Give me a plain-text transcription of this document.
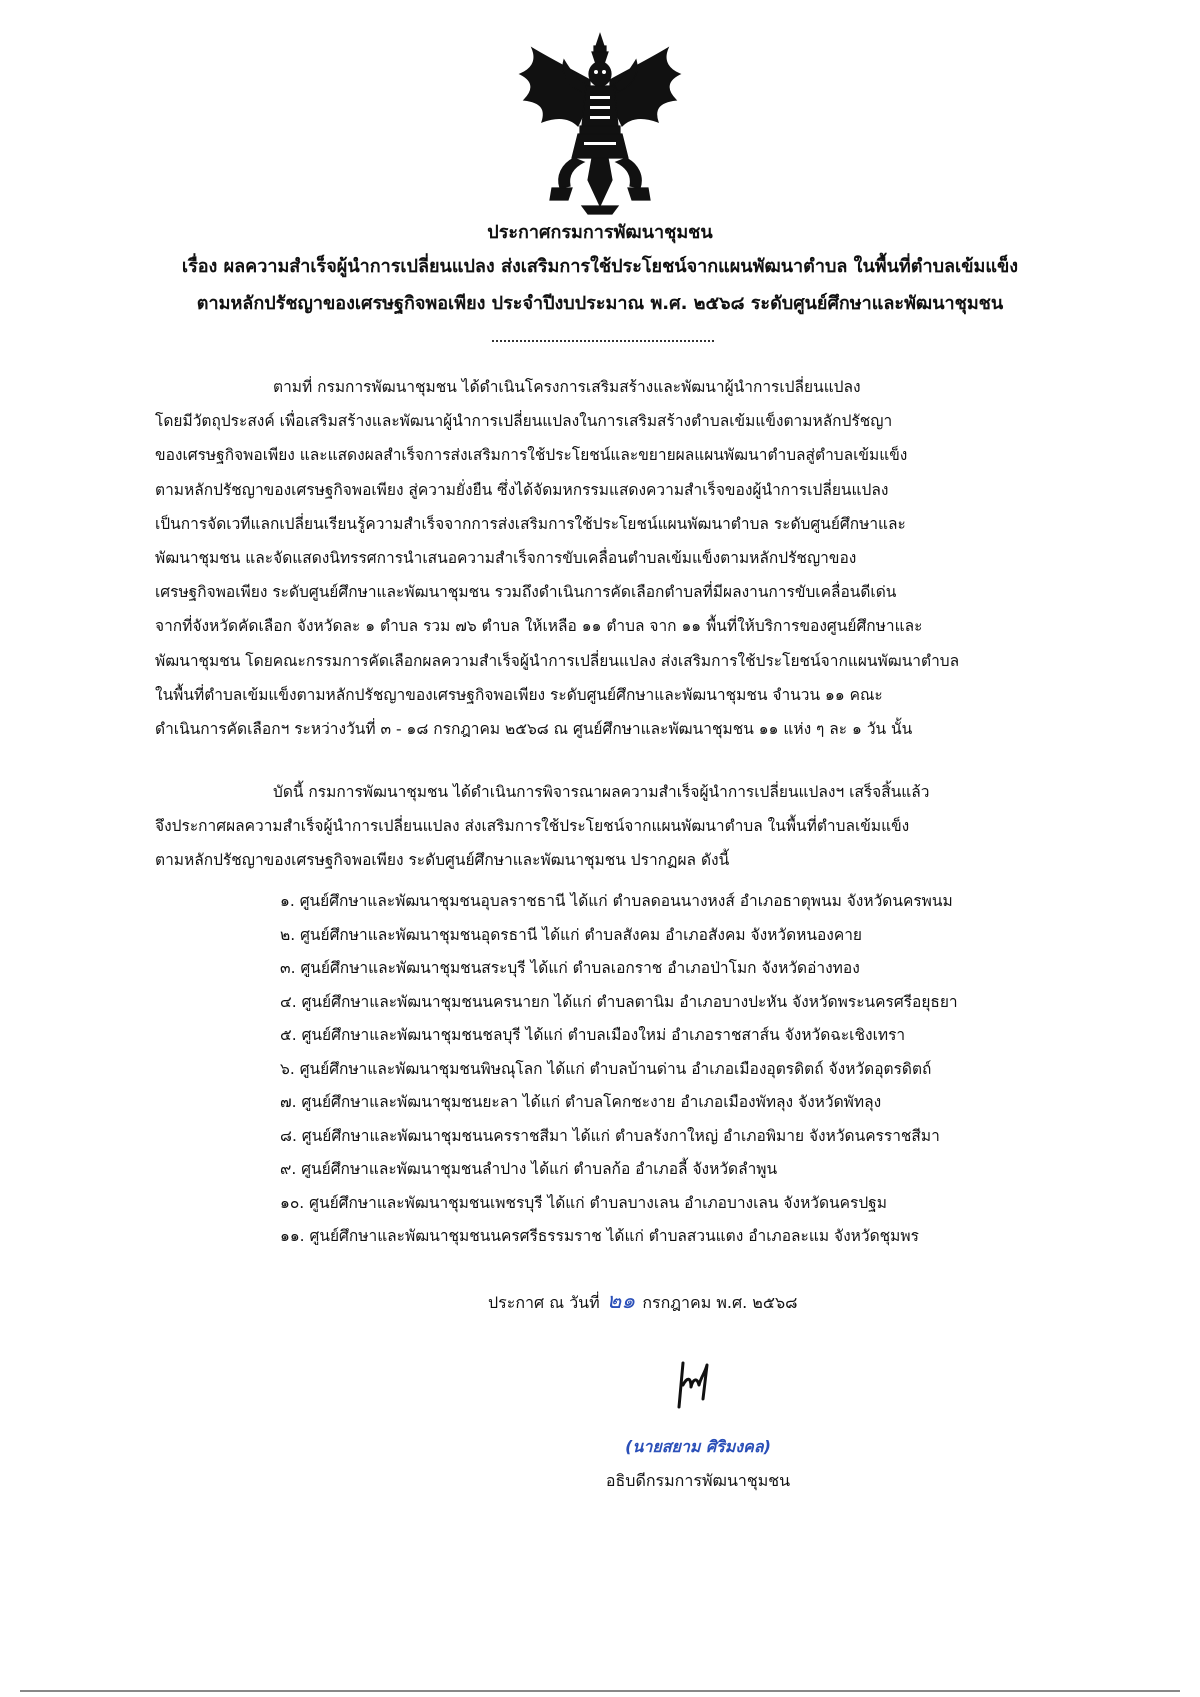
ประกาศกรมการพัฒนาชุมชน
เรื่อง ผลความสำเร็จผู้นำการเปลี่ยนแปลง ส่งเสริมการใช้ประโยชน์จากแผนพัฒนาตำบล ในพื้นที่ตำบลเข้มแข็ง
ตามหลักปรัชญาของเศรษฐกิจพอเพียง ประจำปีงบประมาณ พ.ศ. ๒๕๖๘ ระดับศูนย์ศึกษาและพัฒนาชุมชน
ตามที่ กรมการพัฒนาชุมชน ได้ดำเนินโครงการเสริมสร้างและพัฒนาผู้นำการเปลี่ยนแปลง
โดยมีวัตถุประสงค์ เพื่อเสริมสร้างและพัฒนาผู้นำการเปลี่ยนแปลงในการเสริมสร้างตำบลเข้มแข็งตามหลักปรัชญา
ของเศรษฐกิจพอเพียง และแสดงผลสำเร็จการส่งเสริมการใช้ประโยชน์และขยายผลแผนพัฒนาตำบลสู่ตำบลเข้มแข็ง
ตามหลักปรัชญาของเศรษฐกิจพอเพียง สู่ความยั่งยืน ซึ่งได้จัดมหกรรมแสดงความสำเร็จของผู้นำการเปลี่ยนแปลง
เป็นการจัดเวทีแลกเปลี่ยนเรียนรู้ความสำเร็จจากการส่งเสริมการใช้ประโยชน์แผนพัฒนาตำบล ระดับศูนย์ศึกษาและ
พัฒนาชุมชน และจัดแสดงนิทรรศการนำเสนอความสำเร็จการขับเคลื่อนตำบลเข้มแข็งตามหลักปรัชญาของ
เศรษฐกิจพอเพียง ระดับศูนย์ศึกษาและพัฒนาชุมชน รวมถึงดำเนินการคัดเลือกตำบลที่มีผลงานการขับเคลื่อนดีเด่น
จากที่จังหวัดคัดเลือก จังหวัดละ ๑ ตำบล รวม ๗๖ ตำบล ให้เหลือ ๑๑ ตำบล จาก ๑๑ พื้นที่ให้บริการของศูนย์ศึกษาและ
พัฒนาชุมชน โดยคณะกรรมการคัดเลือกผลความสำเร็จผู้นำการเปลี่ยนแปลง ส่งเสริมการใช้ประโยชน์จากแผนพัฒนาตำบล
ในพื้นที่ตำบลเข้มแข็งตามหลักปรัชญาของเศรษฐกิจพอเพียง ระดับศูนย์ศึกษาและพัฒนาชุมชน จำนวน ๑๑ คณะ
ดำเนินการคัดเลือกฯ ระหว่างวันที่ ๓ - ๑๘ กรกฎาคม ๒๕๖๘ ณ ศูนย์ศึกษาและพัฒนาชุมชน ๑๑ แห่ง ๆ ละ ๑ วัน นั้น
บัดนี้ กรมการพัฒนาชุมชน ได้ดำเนินการพิจารณาผลความสำเร็จผู้นำการเปลี่ยนแปลงฯ เสร็จสิ้นแล้ว
จึงประกาศผลความสำเร็จผู้นำการเปลี่ยนแปลง ส่งเสริมการใช้ประโยชน์จากแผนพัฒนาตำบล ในพื้นที่ตำบลเข้มแข็ง
ตามหลักปรัชญาของเศรษฐกิจพอเพียง ระดับศูนย์ศึกษาและพัฒนาชุมชน ปรากฏผล ดังนี้
๑. ศูนย์ศึกษาและพัฒนาชุมชนอุบลราชธานี ได้แก่ ตำบลดอนนางหงส์ อำเภอธาตุพนม จังหวัดนครพนม
๒. ศูนย์ศึกษาและพัฒนาชุมชนอุดรธานี ได้แก่ ตำบลสังคม อำเภอสังคม จังหวัดหนองคาย
๓. ศูนย์ศึกษาและพัฒนาชุมชนสระบุรี ได้แก่ ตำบลเอกราช อำเภอป่าโมก จังหวัดอ่างทอง
๔. ศูนย์ศึกษาและพัฒนาชุมชนนครนายก ได้แก่ ตำบลตานิม อำเภอบางปะหัน จังหวัดพระนครศรีอยุธยา
๕. ศูนย์ศึกษาและพัฒนาชุมชนชลบุรี ได้แก่ ตำบลเมืองใหม่ อำเภอราชสาส์น จังหวัดฉะเชิงเทรา
๖. ศูนย์ศึกษาและพัฒนาชุมชนพิษณุโลก ได้แก่ ตำบลบ้านด่าน อำเภอเมืองอุตรดิตถ์ จังหวัดอุตรดิตถ์
๗. ศูนย์ศึกษาและพัฒนาชุมชนยะลา ได้แก่ ตำบลโคกชะงาย อำเภอเมืองพัทลุง จังหวัดพัทลุง
๘. ศูนย์ศึกษาและพัฒนาชุมชนนครราชสีมา ได้แก่ ตำบลรังกาใหญ่ อำเภอพิมาย จังหวัดนครราชสีมา
๙. ศูนย์ศึกษาและพัฒนาชุมชนลำปาง ได้แก่ ตำบลก้อ อำเภอลี้ จังหวัดลำพูน
๑๐. ศูนย์ศึกษาและพัฒนาชุมชนเพชรบุรี ได้แก่ ตำบลบางเลน อำเภอบางเลน จังหวัดนครปฐม
๑๑. ศูนย์ศึกษาและพัฒนาชุมชนนครศรีธรรมราช ได้แก่ ตำบลสวนแตง อำเภอละแม จังหวัดชุมพร
ประกาศ ณ วันที่ ๒๑ กรกฎาคม พ.ศ. ๒๕๖๘
(นายสยาม ศิริมงคล)
อธิบดีกรมการพัฒนาชุมชน
